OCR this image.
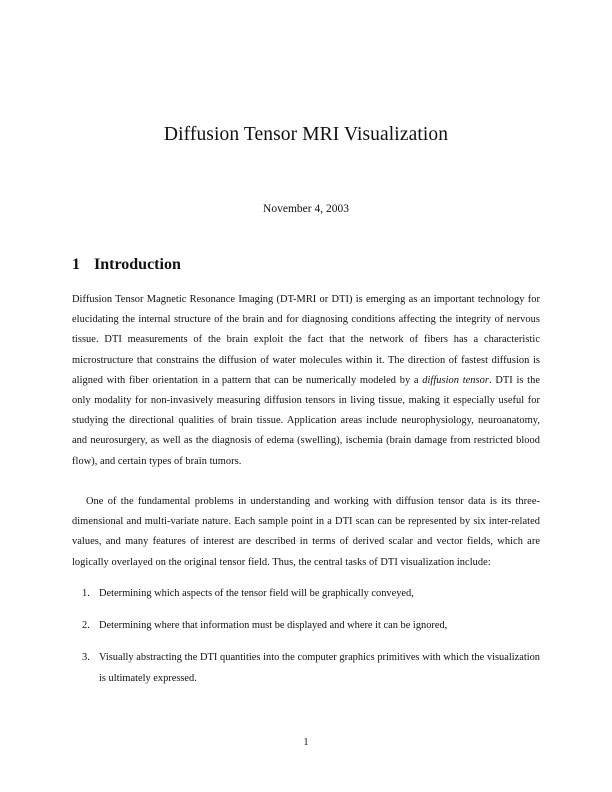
Diffusion Tensor MRI Visualization
November 4, 2003
1 Introduction
Diffusion Tensor Magnetic Resonance Imaging (DT-MRI or DTI) is emerging as an important technology for elucidating the internal structure of the brain and for diagnosing conditions affecting the integrity of nervous tissue. DTI measurements of the brain exploit the fact that the network of fibers has a characteristic microstructure that constrains the diffusion of water molecules within it. The direction of fastest diffusion is aligned with fiber orientation in a pattern that can be numerically modeled by a diffusion tensor. DTI is the only modality for non-invasively measuring diffusion tensors in living tissue, making it especially useful for studying the directional qualities of brain tissue. Application areas include neurophysiology, neuroanatomy, and neurosurgery, as well as the diagnosis of edema (swelling), ischemia (brain damage from restricted blood flow), and certain types of brain tumors.
One of the fundamental problems in understanding and working with diffusion tensor data is its three-dimensional and multi-variate nature. Each sample point in a DTI scan can be represented by six inter-related values, and many features of interest are described in terms of derived scalar and vector fields, which are logically overlayed on the original tensor field. Thus, the central tasks of DTI visualization include:
1. Determining which aspects of the tensor field will be graphically conveyed,
2. Determining where that information must be displayed and where it can be ignored,
3. Visually abstracting the DTI quantities into the computer graphics primitives with which the visualization is ultimately expressed.
1
